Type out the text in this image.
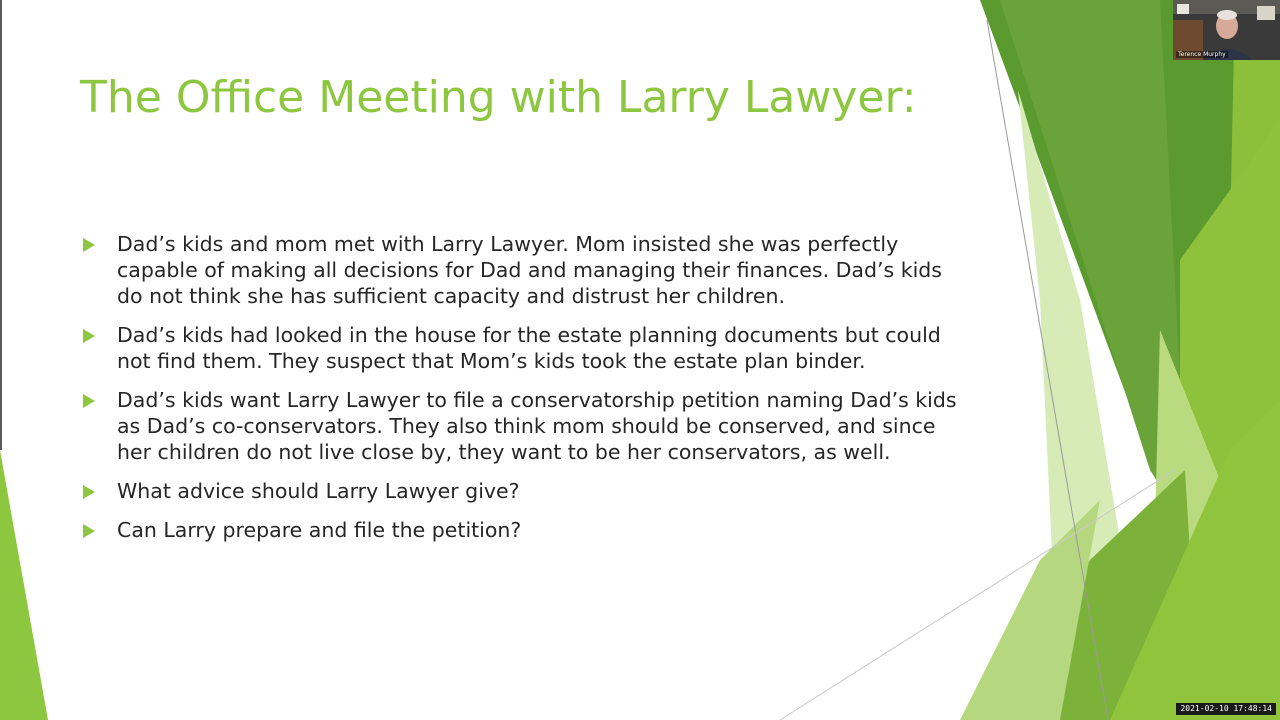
The Office Meeting with Larry Lawyer:
Dad’s kids and mom met with Larry Lawyer. Mom insisted she was perfectly capable of making all decisions for Dad and managing their finances. Dad’s kids do not think she has sufficient capacity and distrust her children.
Dad’s kids had looked in the house for the estate planning documents but could not find them. They suspect that Mom’s kids took the estate plan binder.
Dad’s kids want Larry Lawyer to file a conservatorship petition naming Dad’s kids as Dad’s co-conservators. They also think mom should be conserved, and since her children do not live close by, they want to be her conservators, as well.
What advice should Larry Lawyer give?
Can Larry prepare and file the petition?
Terence Murphy
2021-02-10 17:48:14
